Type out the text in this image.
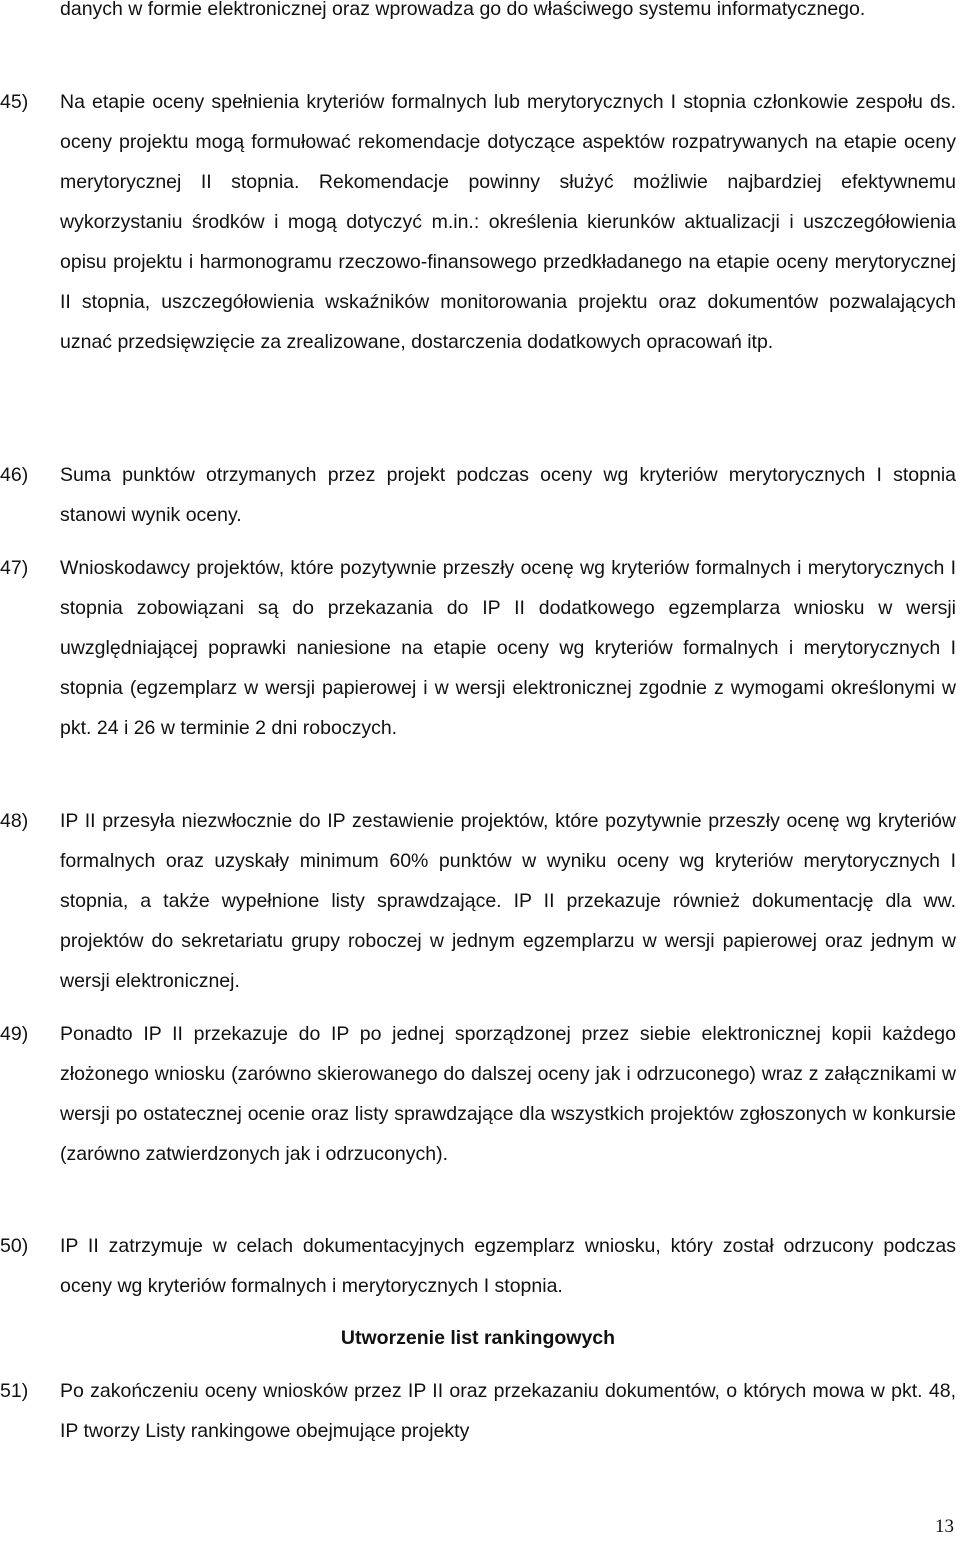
danych w formie elektronicznej oraz wprowadza go do właściwego systemu informatycznego.

45)	Na etapie oceny spełnienia kryteriów formalnych lub merytorycznych I stopnia członkowie zespołu ds. oceny projektu mogą formułować rekomendacje dotyczące aspektów rozpatrywanych na etapie oceny merytorycznej II stopnia. Rekomendacje powinny służyć możliwie najbardziej efektywnemu wykorzystaniu środków i mogą dotyczyć m.in.: określenia kierunków aktualizacji i uszczegółowienia opisu projektu i harmonogramu rzeczowo-finansowego przedkładanego na etapie oceny merytorycznej II stopnia, uszczegółowienia wskaźników monitorowania projektu oraz dokumentów pozwalających uznać przedsięwzięcie za zrealizowane, dostarczenia dodatkowych opracowań itp.

46)	Suma punktów otrzymanych przez projekt podczas oceny wg kryteriów merytorycznych I stopnia stanowi wynik oceny.

47)	Wnioskodawcy projektów, które pozytywnie przeszły ocenę wg kryteriów formalnych i merytorycznych I stopnia zobowiązani są do przekazania do IP II dodatkowego egzemplarza wniosku w wersji uwzględniającej poprawki naniesione na etapie oceny wg kryteriów formalnych i merytorycznych I stopnia (egzemplarz w wersji papierowej i w wersji elektronicznej zgodnie z wymogami określonymi w pkt. 24 i 26 w terminie 2 dni roboczych.

48)	IP II przesyła niezwłocznie do IP zestawienie projektów, które pozytywnie przeszły ocenę wg kryteriów formalnych oraz uzyskały minimum 60% punktów w wyniku oceny wg kryteriów merytorycznych I stopnia, a także wypełnione listy sprawdzające. IP II przekazuje również dokumentację dla ww. projektów do sekretariatu grupy roboczej w jednym egzemplarzu w wersji papierowej oraz jednym w wersji elektronicznej.

49)	Ponadto IP II przekazuje do IP po jednej sporządzonej przez siebie elektronicznej kopii każdego złożonego wniosku (zarówno skierowanego do dalszej oceny jak i odrzuconego) wraz z załącznikami w wersji po ostatecznej ocenie oraz listy sprawdzające dla wszystkich projektów zgłoszonych w konkursie (zarówno zatwierdzonych jak i odrzuconych).

50)	IP II zatrzymuje w celach dokumentacyjnych egzemplarz wniosku, który został odrzucony podczas oceny wg kryteriów formalnych i merytorycznych I stopnia.

Utworzenie list rankingowych
51)	Po zakończeniu oceny wniosków przez IP II oraz przekazaniu dokumentów, o których mowa w pkt. 48, IP tworzy Listy rankingowe obejmujące projekty

13
